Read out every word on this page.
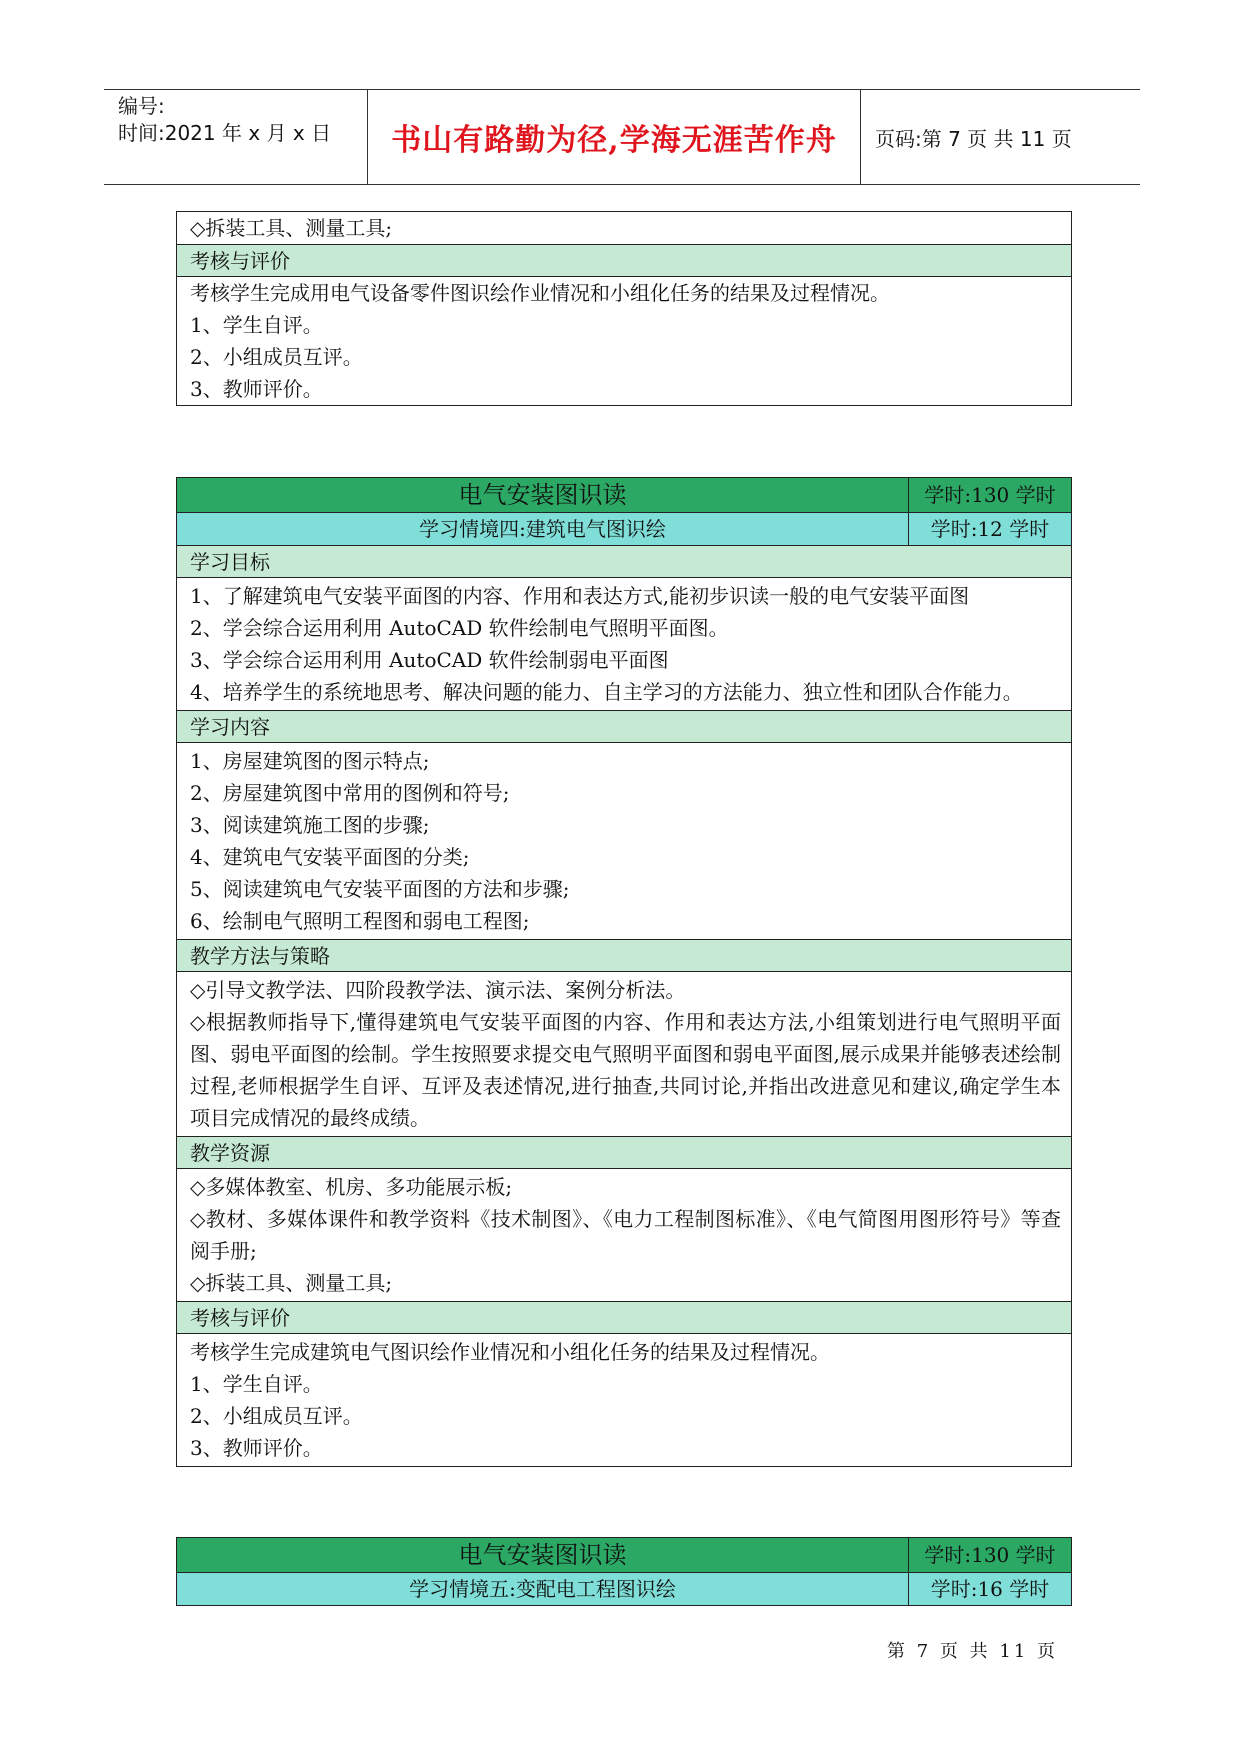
编号:
时间:2021 年 x 月 x 日	书山有路勤为径,学海无涯苦作舟	页码:第 7 页 共 11 页
◇拆装工具、测量工具;
考核与评价
考核学生完成用电气设备零件图识绘作业情况和小组化任务的结果及过程情况。
1、学生自评。
2、小组成员互评。
3、教师评价。
电气安装图识读	学时:130 学时
学习情境四:建筑电气图识绘	学时:12 学时
学习目标
1、了解建筑电气安装平面图的内容、作用和表达方式,能初步识读一般的电气安装平面图
2、学会综合运用利用 AutoCAD 软件绘制电气照明平面图。
3、学会综合运用利用 AutoCAD 软件绘制弱电平面图
4、培养学生的系统地思考、解决问题的能力、自主学习的方法能力、独立性和团队合作能力。
学习内容
1、房屋建筑图的图示特点;
2、房屋建筑图中常用的图例和符号;
3、阅读建筑施工图的步骤;
4、建筑电气安装平面图的分类;
5、阅读建筑电气安装平面图的方法和步骤;
6、绘制电气照明工程图和弱电工程图;
教学方法与策略
◇引导文教学法、四阶段教学法、演示法、案例分析法。
◇根据教师指导下,懂得建筑电气安装平面图的内容、作用和表达方法,小组策划进行电气照明平面图、弱电平面图的绘制。学生按照要求提交电气照明平面图和弱电平面图,展示成果并能够表述绘制过程,老师根据学生自评、互评及表述情况,进行抽查,共同讨论,并指出改进意见和建议,确定学生本项目完成情况的最终成绩。
教学资源
◇多媒体教室、机房、多功能展示板;
◇教材、多媒体课件和教学资料《技术制图》、《电力工程制图标准》、《电气简图用图形符号》等查阅手册;
◇拆装工具、测量工具;
考核与评价
考核学生完成建筑电气图识绘作业情况和小组化任务的结果及过程情况。
1、学生自评。
2、小组成员互评。
3、教师评价。
电气安装图识读	学时:130 学时
学习情境五:变配电工程图识绘	学时:16 学时
第 7 页 共 11 页
